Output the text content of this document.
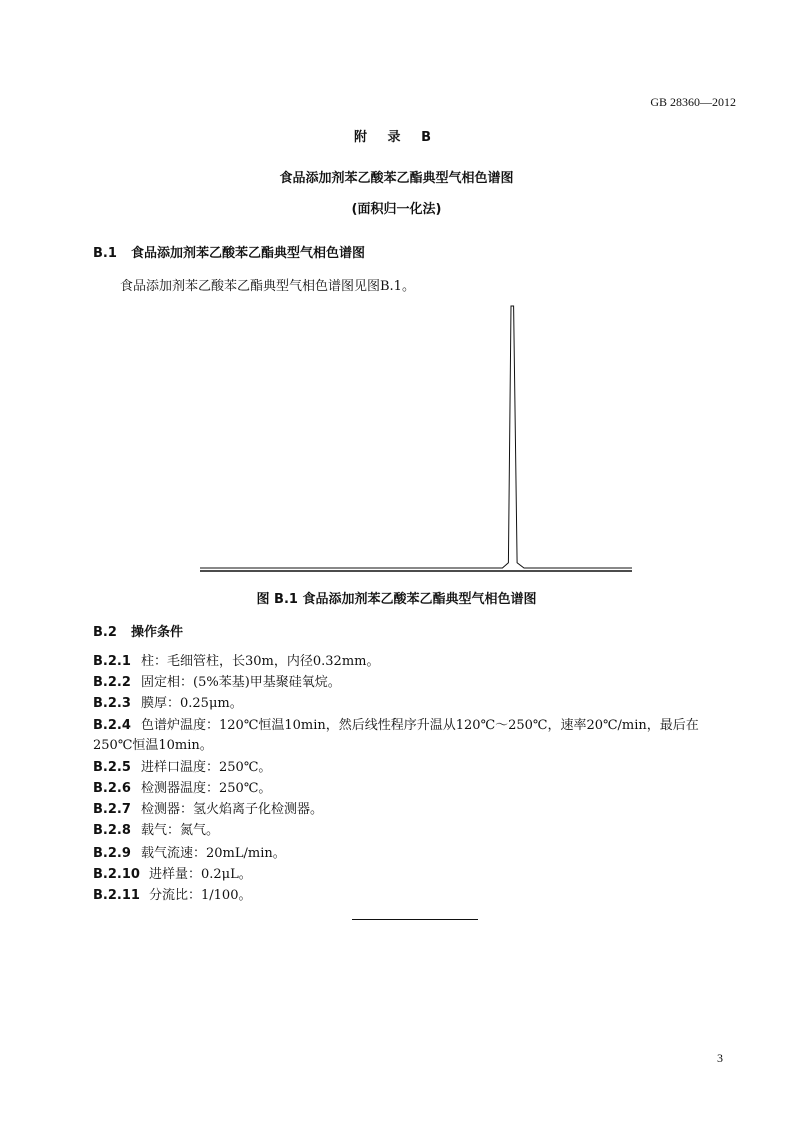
GB 28360—2012
附 录 B
食品添加剂苯乙酸苯乙酯典型气相色谱图
(面积归一化法)
B.1 食品添加剂苯乙酸苯乙酯典型气相色谱图
食品添加剂苯乙酸苯乙酯典型气相色谱图见图B.1。
图 B.1 食品添加剂苯乙酸苯乙酯典型气相色谱图
B.2 操作条件
B.2.1 柱：毛细管柱，长30m，内径0.32mm。
B.2.2 固定相：(5%苯基)甲基聚硅氧烷。
B.2.3 膜厚：0.25μm。
B.2.4 色谱炉温度：120℃恒温10min，然后线性程序升温从120℃～250℃，速率20℃/min，最后在250℃恒温10min。
B.2.5 进样口温度：250℃。
B.2.6 检测器温度：250℃。
B.2.7 检测器：氢火焰离子化检测器。
B.2.8 载气：氮气。
B.2.9 载气流速：20mL/min。
B.2.10 进样量：0.2μL。
B.2.11 分流比：1/100。
3
